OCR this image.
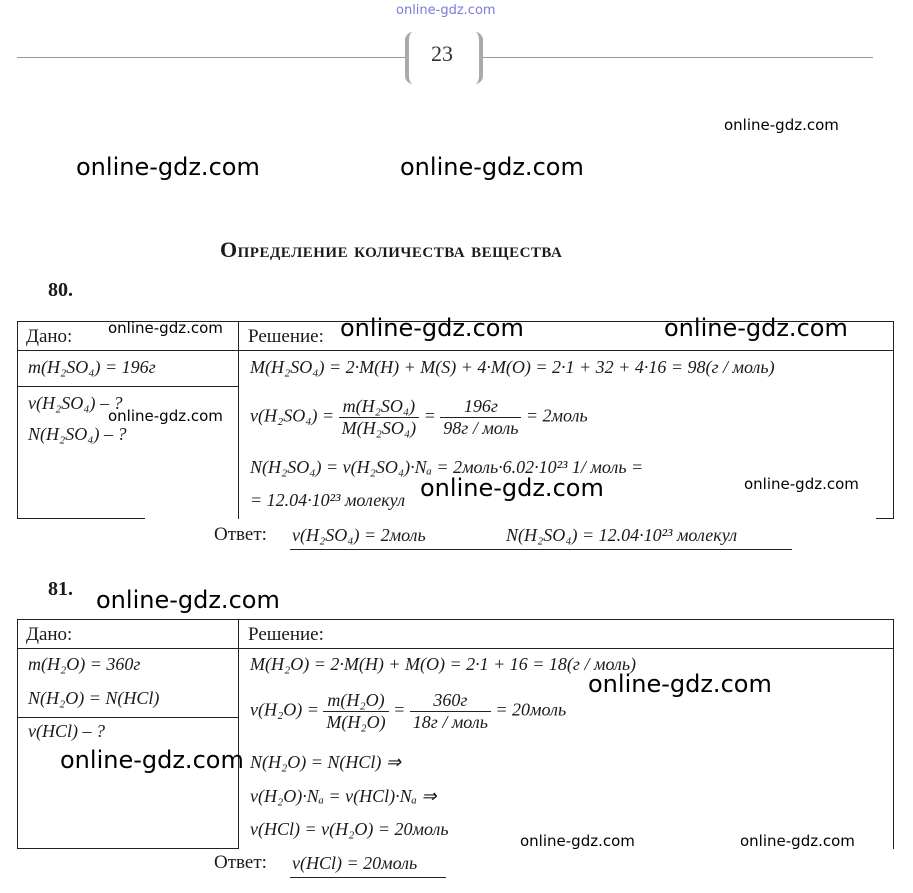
online-gdz.com
23
online-gdz.com
online-gdz.com	online-gdz.com
Определение количества вещества
80.
Дано:	Решение:
m(H₂SO₄) = 196г
ν(H₂SO₄) – ?
N(H₂SO₄) – ?
M(H₂SO₄) = 2·M(H) + M(S) + 4·M(O) = 2·1 + 32 + 4·16 = 98(г / моль)
$\nu(H_2SO_4) = \frac{\text{m(H₂SO₄)}}{\text{M(H₂SO₄)}} = \frac{196г}{\text{98г / моль}}$ = 2моль
N(H₂SO₄) = ν(H₂SO₄)·Nₐ = 2моль·6.02·10²³ 1/ моль =
= 12.04·10²³ молекул
online-gdz.com	online-gdz.com	online-gdz.com
online-gdz.com
online-gdz.com	online-gdz.com
Ответ: ν(H₂SO₄) = 2моль	N(H₂SO₄) = 12.04·10²³ молекул
81. online-gdz.com
Дано:	Решение:
m(H₂O) = 360г
N(H₂O) = N(HCl)
ν(HCl) – ?
M(H₂O) = 2·M(H) + M(O) = 2·1 + 16 = 18(г / моль)
$\nu(H_2O) = \frac{\text{m(H₂O)}}{\text{M(H₂O)}} = \frac{360г}{\text{18г / моль}}$ = 20моль
N(H₂O) = N(HCl) ⇒
ν(H₂O)·Nₐ = ν(HCl)·Nₐ ⇒
ν(HCl) = ν(H₂O) = 20моль
online-gdz.com
online-gdz.com
online-gdz.com	online-gdz.com
Ответ: ν(HCl) = 20моль
